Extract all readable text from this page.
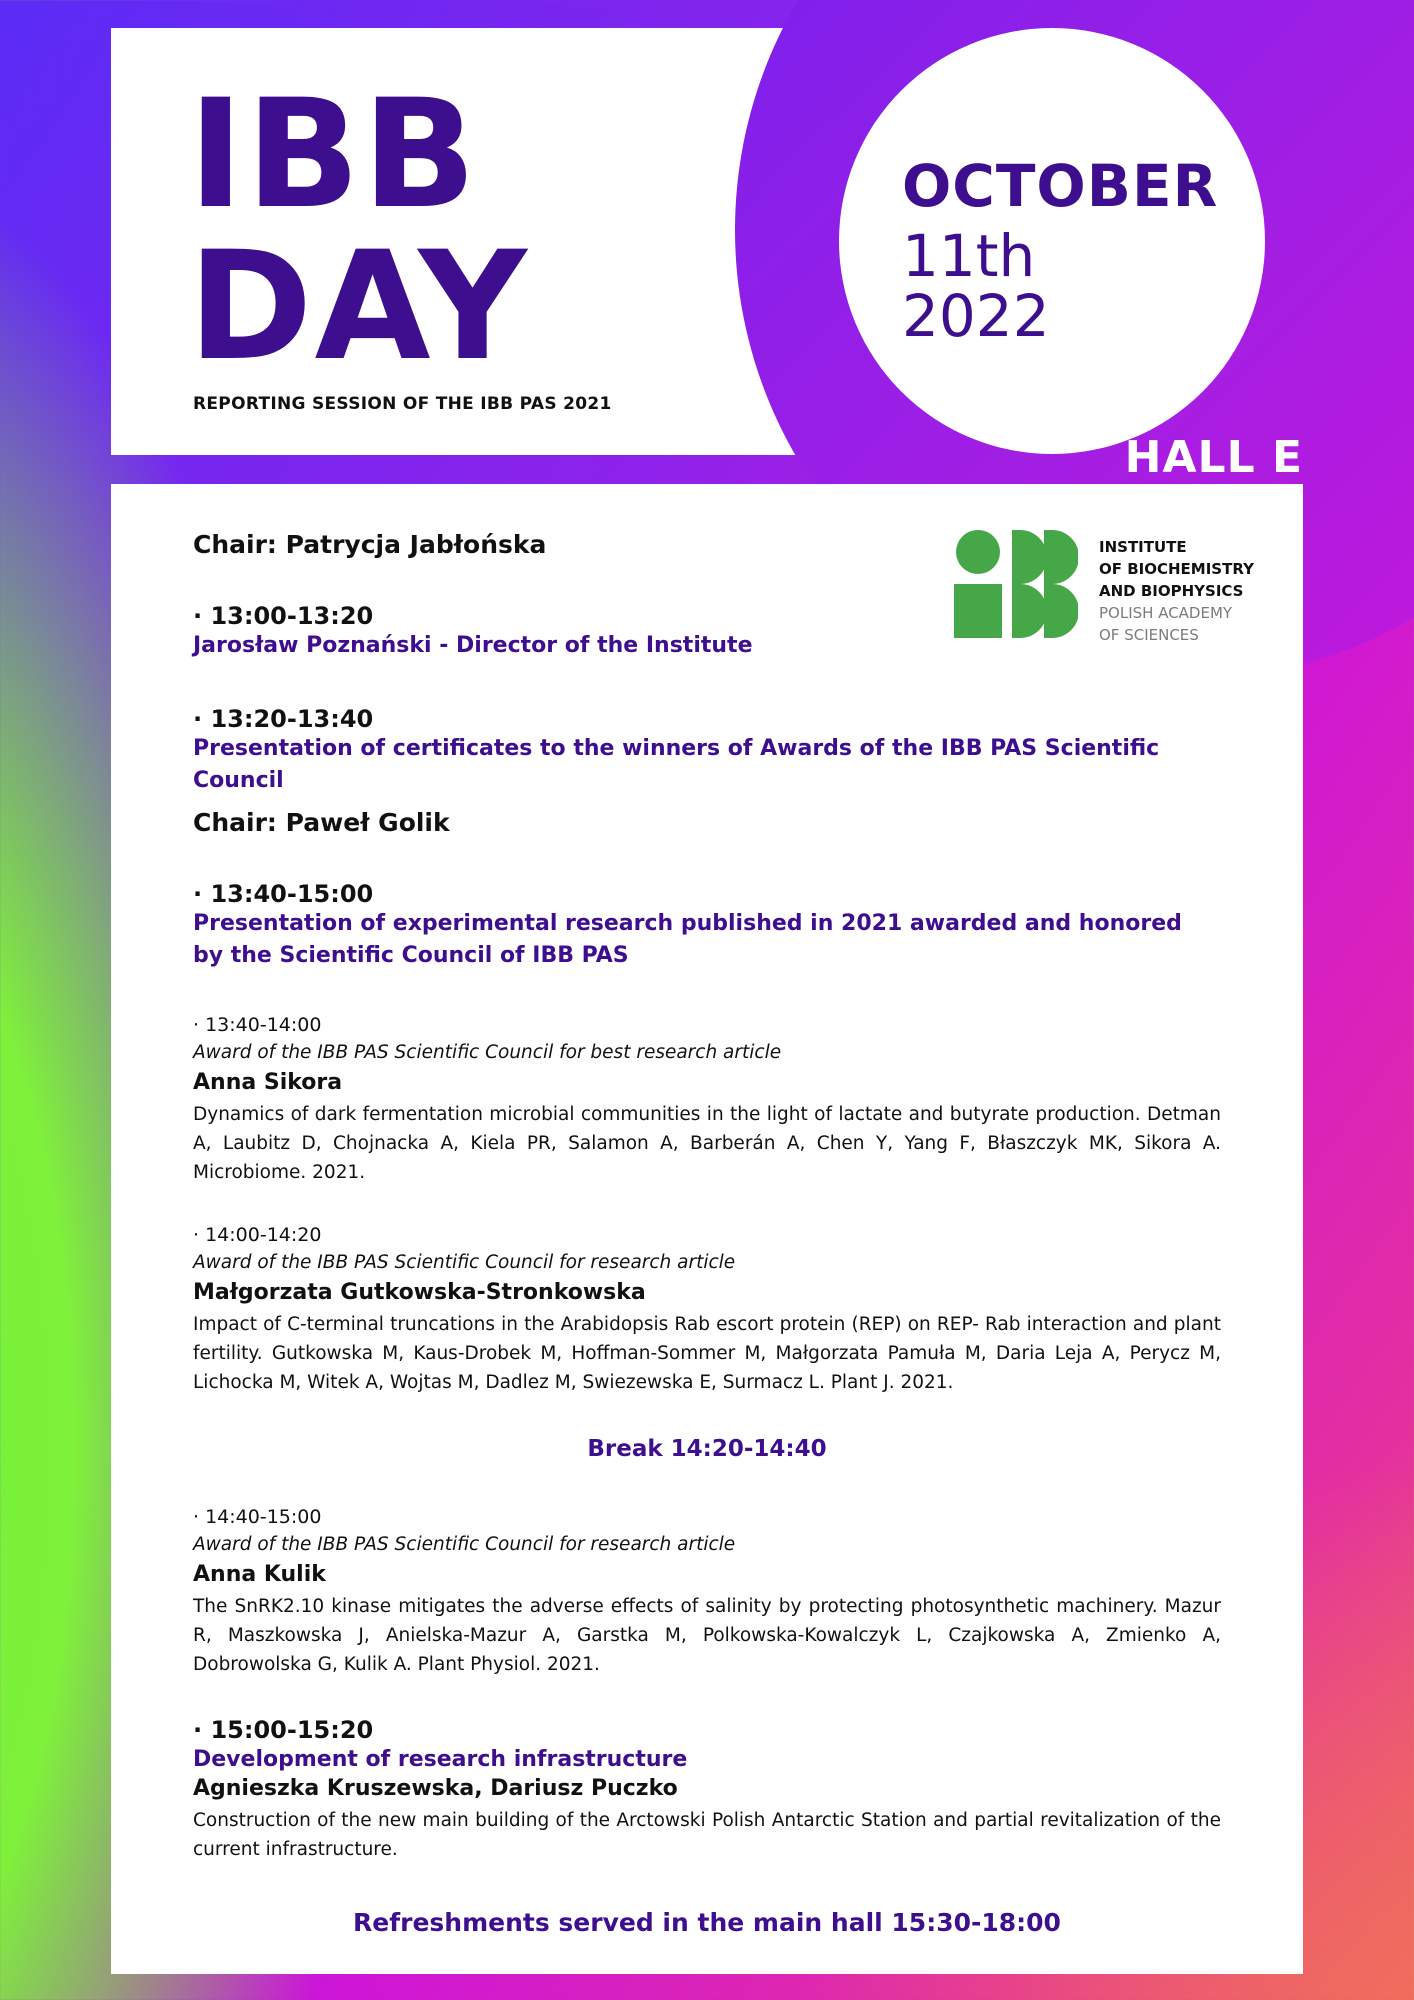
IBB
DAY

REPORTING SESSION OF THE IBB PAS 2021

OCTOBER
11th
2022
HALL E
INSTITUTE
OF BIOCHEMISTRY
AND BIOPHYSICS
POLISH ACADEMY
OF SCIENCES
Chair: Patrycja Jabłońska
· 13:00-13:20
Jarosław Poznański - Director of the Institute
· 13:20-13:40
Presentation of certificates to the winners of Awards of the IBB PAS Scientific Council
Chair: Paweł Golik
· 13:40-15:00
Presentation of experimental research published in 2021 awarded and honored
by the Scientific Council of IBB PAS
· 13:40-14:00
Award of the IBB PAS Scientific Council for best research article
Anna Sikora
Dynamics of dark fermentation microbial communities in the light of lactate and butyrate production. Detman A, Laubitz D, Chojnacka A, Kiela PR, Salamon A, Barberán A, Chen Y, Yang F, Błaszczyk MK, Sikora A. Microbiome. 2021.
· 14:00-14:20
Award of the IBB PAS Scientific Council for research article
Małgorzata Gutkowska-Stronkowska
Impact of C-terminal truncations in the Arabidopsis Rab escort protein (REP) on REP- Rab interaction and plant fertility. Gutkowska M, Kaus-Drobek M, Hoffman-Sommer M, Małgorzata Pamuła M, Daria Leja A, Perycz M, Lichocka M, Witek A, Wojtas M, Dadlez M, Swiezewska E, Surmacz L. Plant J. 2021.
Break 14:20-14:40
· 14:40-15:00
Award of the IBB PAS Scientific Council for research article
Anna Kulik
The SnRK2.10 kinase mitigates the adverse effects of salinity by protecting photosynthetic machinery. Mazur R, Maszkowska J, Anielska-Mazur A, Garstka M, Polkowska-Kowalczyk L, Czajkowska A, Zmienko A, Dobrowolska G, Kulik A. Plant Physiol. 2021.
· 15:00-15:20
Development of research infrastructure
Agnieszka Kruszewska, Dariusz Puczko
Construction of the new main building of the Arctowski Polish Antarctic Station and partial revitalization of the current infrastructure.
Refreshments served in the main hall 15:30-18:00
